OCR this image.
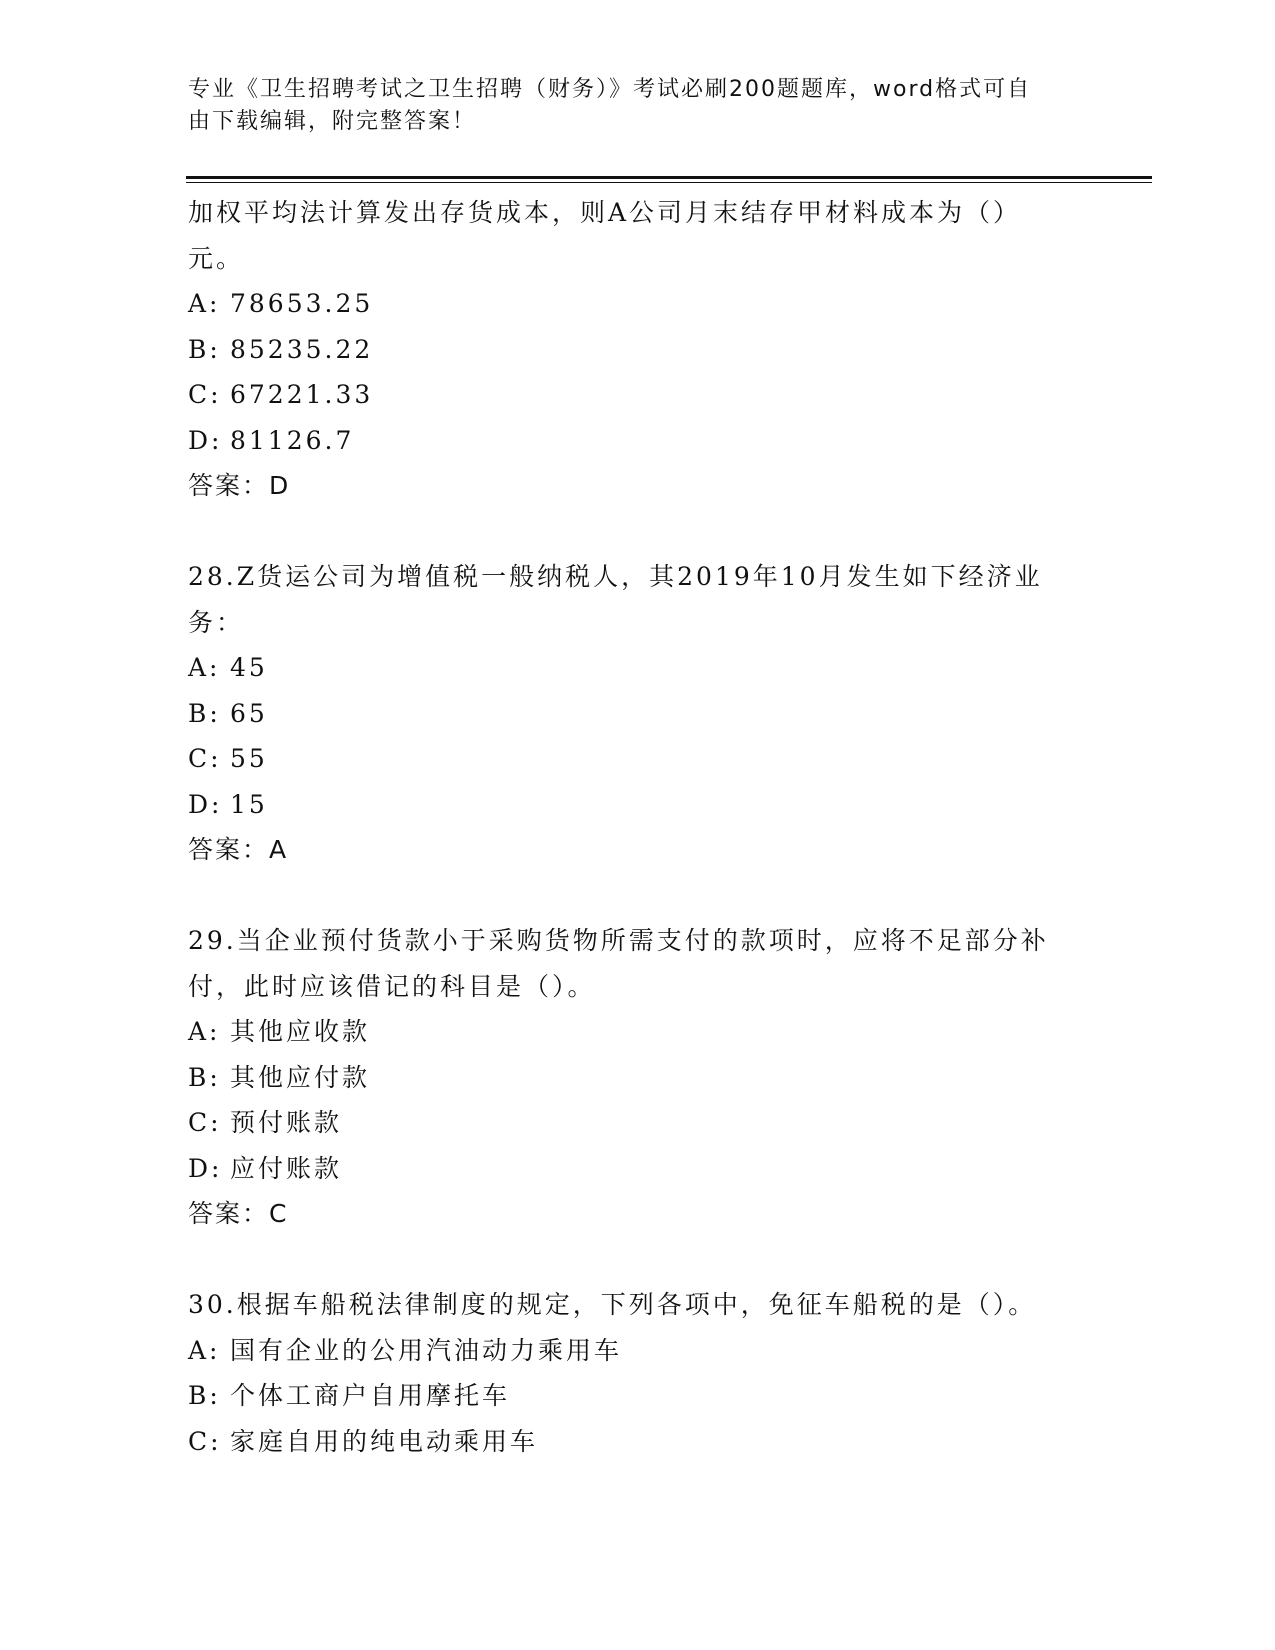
专业《卫生招聘考试之卫生招聘（财务）》考试必刷200题题库，word格式可自
由下载编辑，附完整答案！
加权平均法计算发出存货成本，则A公司月末结存甲材料成本为（）
元。
A: 78653.25
B: 85235.22
C: 67221.33
D: 81126.7
答案：D
28.Z货运公司为增值税一般纳税人，其2019年10月发生如下经济业
务：
A: 45
B: 65
C: 55
D: 15
答案：A
29.当企业预付货款小于采购货物所需支付的款项时，应将不足部分补
付，此时应该借记的科目是（）。
A: 其他应收款
B: 其他应付款
C: 预付账款
D: 应付账款
答案：C
30.根据车船税法律制度的规定，下列各项中，免征车船税的是（）。
A: 国有企业的公用汽油动力乘用车
B: 个体工商户自用摩托车
C: 家庭自用的纯电动乘用车
